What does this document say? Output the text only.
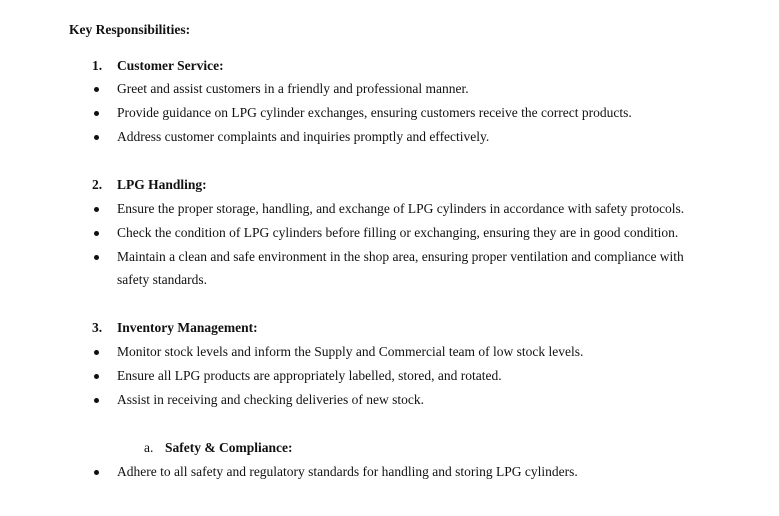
Key Responsibilities:
1. Customer Service:
Greet and assist customers in a friendly and professional manner.
Provide guidance on LPG cylinder exchanges, ensuring customers receive the correct products.
Address customer complaints and inquiries promptly and effectively.
2. LPG Handling:
Ensure the proper storage, handling, and exchange of LPG cylinders in accordance with safety protocols.
Check the condition of LPG cylinders before filling or exchanging, ensuring they are in good condition.
Maintain a clean and safe environment in the shop area, ensuring proper ventilation and compliance with
safety standards.
3. Inventory Management:
Monitor stock levels and inform the Supply and Commercial team of low stock levels.
Ensure all LPG products are appropriately labelled, stored, and rotated.
Assist in receiving and checking deliveries of new stock.
a. Safety & Compliance:
Adhere to all safety and regulatory standards for handling and storing LPG cylinders.
